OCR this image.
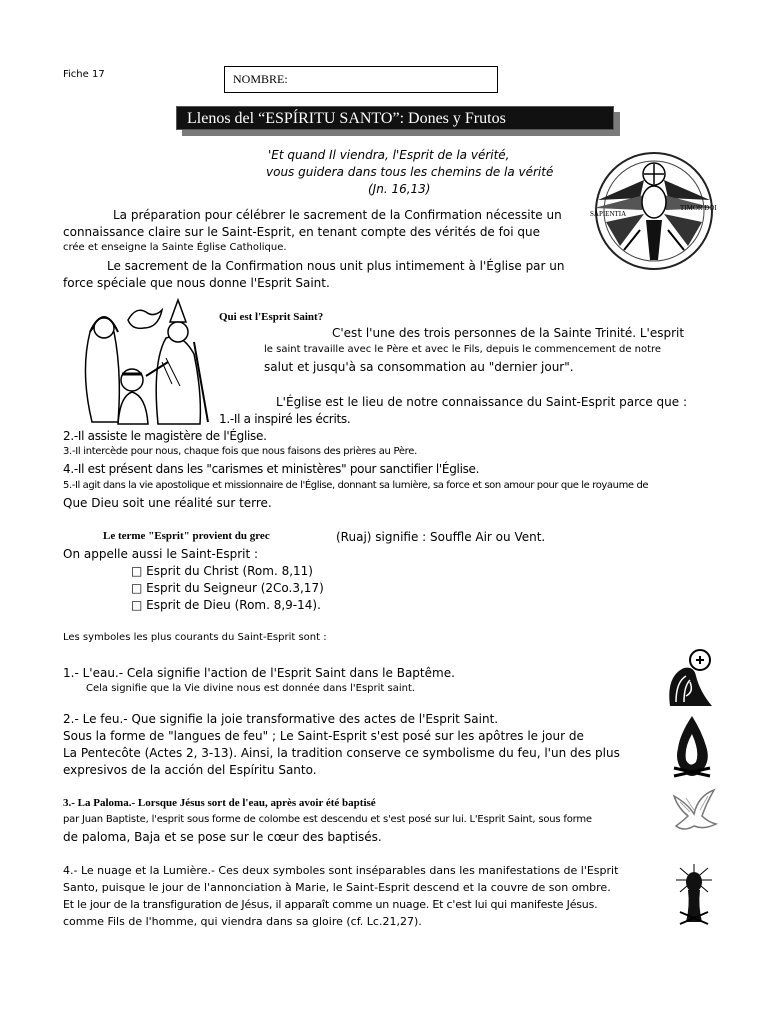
Fiche 17	NOMBRE:
Llenos del “ESPÍRITU SANTO”: Dones y Frutos
'Et quand Il viendra, l'Esprit de la vérité,
vous guidera dans tous les chemins de la vérité
(Jn. 16,13)
SAPIENTIA
TIMOR DOI
La préparation pour célébrer le sacrement de la Confirmation nécessite un
connaissance claire sur le Saint-Esprit, en tenant compte des vérités de foi que
crée et enseigne la Sainte Église Catholique.
Le sacrement de la Confirmation nous unit plus intimement à l'Église par un
force spéciale que nous donne l'Esprit Saint.
Qui est l'Esprit Saint?
C'est l'une des trois personnes de la Sainte Trinité. L'esprit
le saint travaille avec le Père et avec le Fils, depuis le commencement de notre
salut et jusqu'à sa consommation au "dernier jour".
L'Église est le lieu de notre connaissance du Saint-Esprit parce que :
1.-Il a inspiré les écrits.
2.-Il assiste le magistère de l'Église.
3.-Il intercède pour nous, chaque fois que nous faisons des prières au Père.
4.-Il est présent dans les "carismes et ministères" pour sanctifier l'Église.
5.-Il agit dans la vie apostolique et missionnaire de l'Église, donnant sa lumière, sa force et son amour pour que le royaume de
Que Dieu soit une réalité sur terre.
Le terme "Esprit" provient du grec	(Ruaj) signifie : Souffle Air ou Vent.
On appelle aussi le Saint-Esprit :
□ Esprit du Christ (Rom. 8,11)
□ Esprit du Seigneur (2Co.3,17)
□ Esprit de Dieu (Rom. 8,9-14).
Les symboles les plus courants du Saint-Esprit sont :
1.- L'eau.- Cela signifie l'action de l'Esprit Saint dans le Baptême.
Cela signifie que la Vie divine nous est donnée dans l'Esprit saint.
2.- Le feu.- Que signifie la joie transformative des actes de l'Esprit Saint.
Sous la forme de "langues de feu" ; Le Saint-Esprit s'est posé sur les apôtres le jour de
La Pentecôte (Actes 2, 3-13). Ainsi, la tradition conserve ce symbolisme du feu, l'un des plus
expresivos de la acción del Espíritu Santo.
3.- La Paloma.- Lorsque Jésus sort de l'eau, après avoir été baptisé
par Juan Baptiste, l'esprit sous forme de colombe est descendu et s'est posé sur lui. L'Esprit Saint, sous forme
de paloma, Baja et se pose sur le cœur des baptisés.
4.- Le nuage et la Lumière.- Ces deux symboles sont inséparables dans les manifestations de l'Esprit
Santo, puisque le jour de l'annonciation à Marie, le Saint-Esprit descend et la couvre de son ombre.
Et le jour de la transfiguration de Jésus, il apparaît comme un nuage. Et c'est lui qui manifeste Jésus.
comme Fils de l'homme, qui viendra dans sa gloire (cf. Lc.21,27).
